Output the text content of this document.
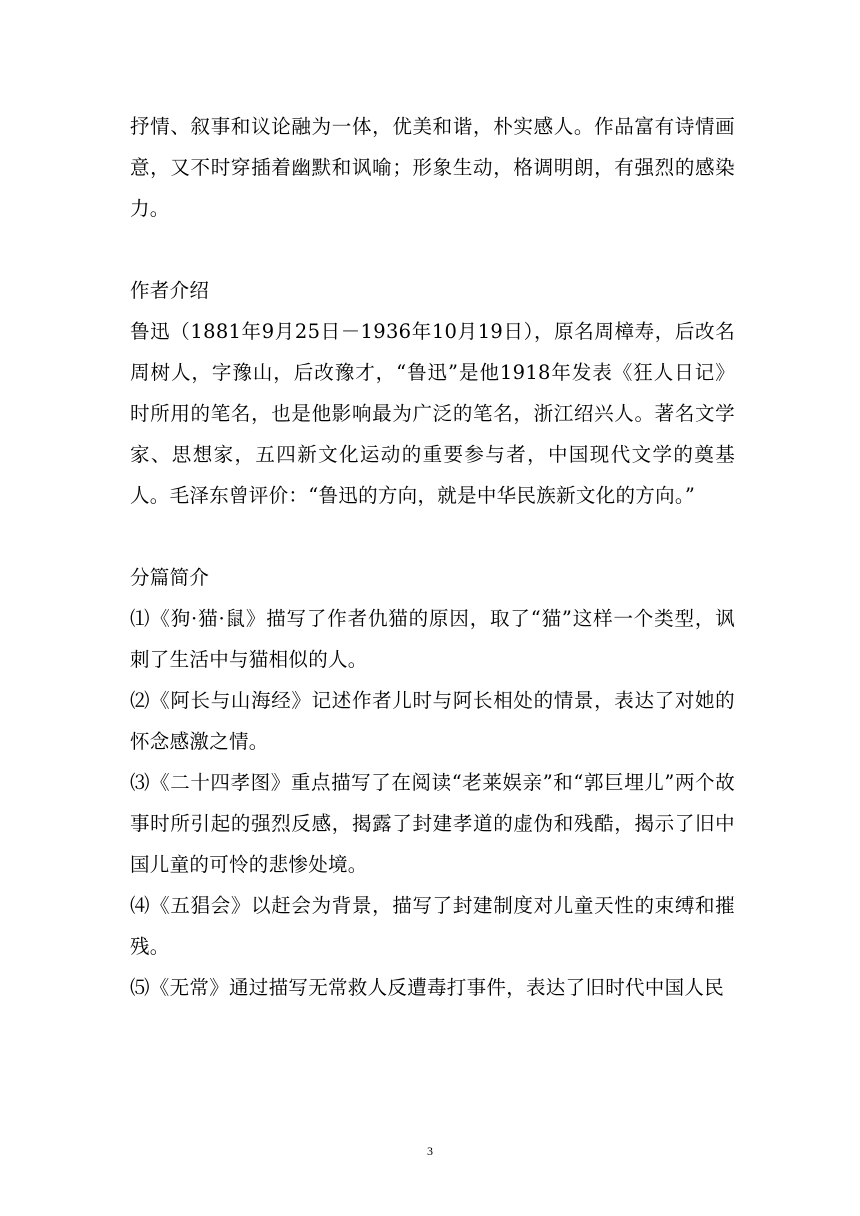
抒情、叙事和议论融为一体，优美和谐，朴实感人。作品富有诗情画意，又不时穿插着幽默和讽喻；形象生动，格调明朗，有强烈的感染力。

作者介绍

鲁迅（1881年9月25日－1936年10月19日），原名周樟寿，后改名周树人，字豫山，后改豫才，“鲁迅”是他1918年发表《狂人日记》时所用的笔名，也是他影响最为广泛的笔名，浙江绍兴人。著名文学家、思想家，五四新文化运动的重要参与者，中国现代文学的奠基人。毛泽东曾评价：“鲁迅的方向，就是中华民族新文化的方向。”

分篇简介

⑴《狗·猫·鼠》描写了作者仇猫的原因，取了“猫”这样一个类型，讽刺了生活中与猫相似的人。

⑵《阿长与山海经》记述作者儿时与阿长相处的情景，表达了对她的怀念感激之情。

⑶《二十四孝图》重点描写了在阅读“老莱娱亲”和“郭巨埋儿”两个故事时所引起的强烈反感，揭露了封建孝道的虚伪和残酷，揭示了旧中国儿童的可怜的悲惨处境。

⑷《五猖会》以赶会为背景，描写了封建制度对儿童天性的束缚和摧残。

⑸《无常》通过描写无常救人反遭毒打事件，表达了旧时代中国人民

3
